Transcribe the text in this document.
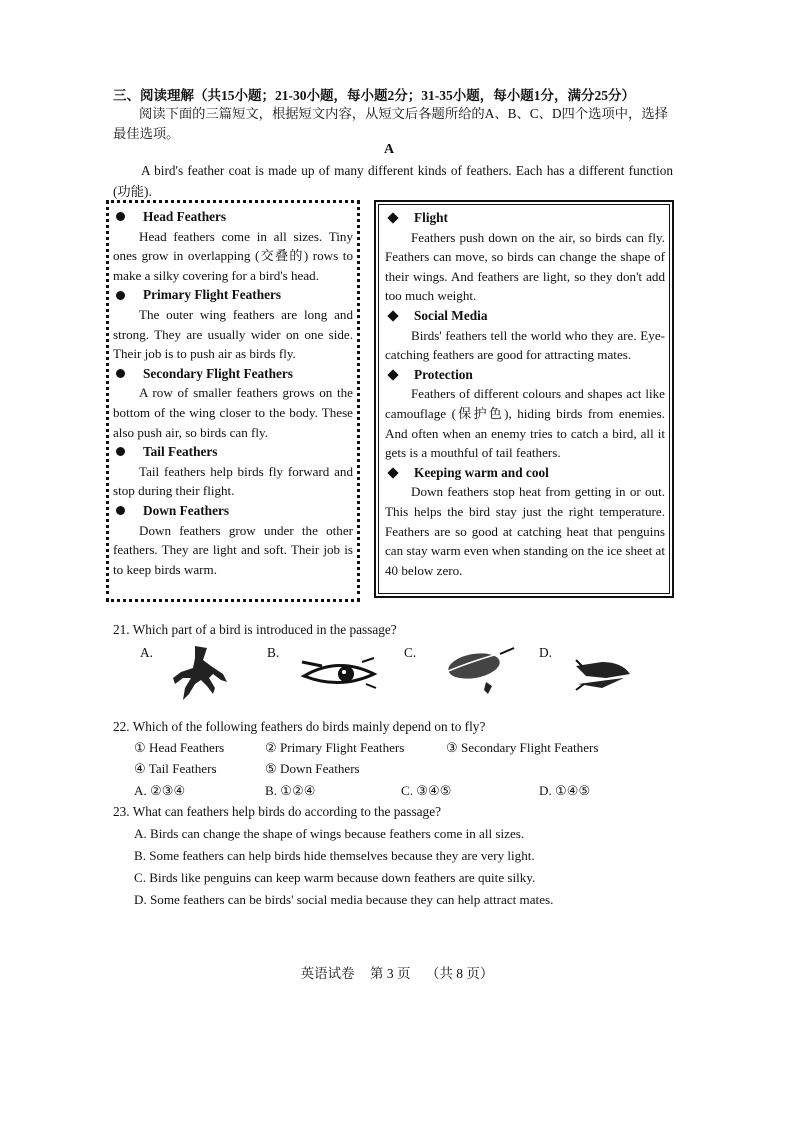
三、阅读理解（共15小题；21-30小题，每小题2分；31-35小题，每小题1分，满分25分）
阅读下面的三篇短文，根据短文内容，从短文后各题所给的A、B、C、D四个选项中，选择最佳选项。
A
A bird's feather coat is made up of many different kinds of feathers. Each has a different function (功能).
Head Feathers
Head feathers come in all sizes. Tiny ones grow in overlapping (交叠的) rows to make a silky covering for a bird's head.
Primary Flight Feathers
The outer wing feathers are long and strong. They are usually wider on one side. Their job is to push air as birds fly.
Secondary Flight Feathers
A row of smaller feathers grows on the bottom of the wing closer to the body. These also push air, so birds can fly.
Tail Feathers
Tail feathers help birds fly forward and stop during their flight.
Down Feathers
Down feathers grow under the other feathers. They are light and soft. Their job is to keep birds warm.
Flight
Feathers push down on the air, so birds can fly. Feathers can move, so birds can change the shape of their wings. And feathers are light, so they don't add too much weight.
Social Media
Birds' feathers tell the world who they are. Eye-catching feathers are good for attracting mates.
Protection
Feathers of different colours and shapes act like camouflage (保护色), hiding birds from enemies. And often when an enemy tries to catch a bird, all it gets is a mouthful of tail feathers.
Keeping warm and cool
Down feathers stop heat from getting in or out. This helps the bird stay just the right temperature. Feathers are so good at catching heat that penguins can stay warm even when standing on the ice sheet at 40 below zero.
21. Which part of a bird is introduced in the passage?
A.	B.	C.	D.
22. Which of the following feathers do birds mainly depend on to fly?
① Head Feathers	② Primary Flight Feathers	③ Secondary Flight Feathers
④ Tail Feathers	⑤ Down Feathers
A. ②③④	B. ①②④	C. ③④⑤	D. ①④⑤
23. What can feathers help birds do according to the passage?
A. Birds can change the shape of wings because feathers come in all sizes.
B. Some feathers can help birds hide themselves because they are very light.
C. Birds like penguins can keep warm because down feathers are quite silky.
D. Some feathers can be birds' social media because they can help attract mates.
英语试卷 第 3 页 （共 8 页）
